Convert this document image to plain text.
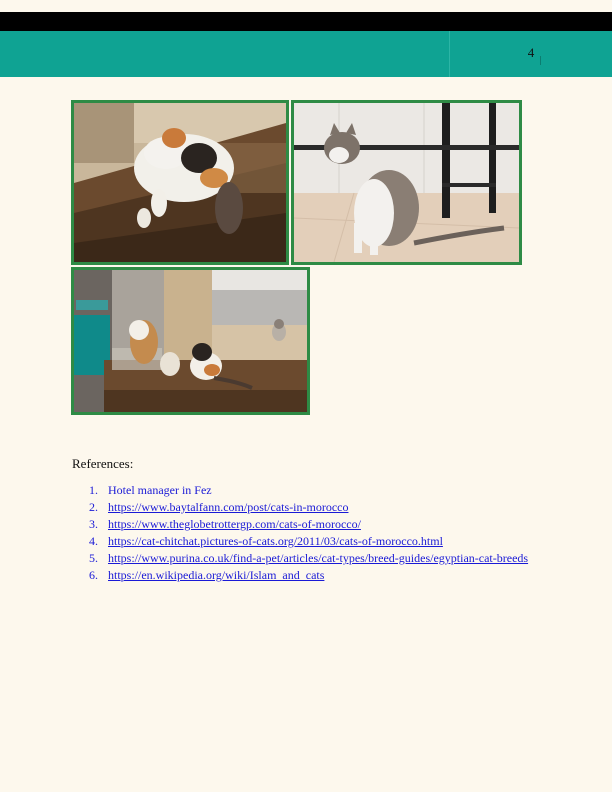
4
References:
1. Hotel manager in Fez
2. https://www.baytalfann.com/post/cats-in-morocco
3. https://www.theglobetrottergp.com/cats-of-morocco/
4. https://cat-chitchat.pictures-of-cats.org/2011/03/cats-of-morocco.html
5. https://www.purina.co.uk/find-a-pet/articles/cat-types/breed-guides/egyptian-cat-breeds
6. https://en.wikipedia.org/wiki/Islam_and_cats
